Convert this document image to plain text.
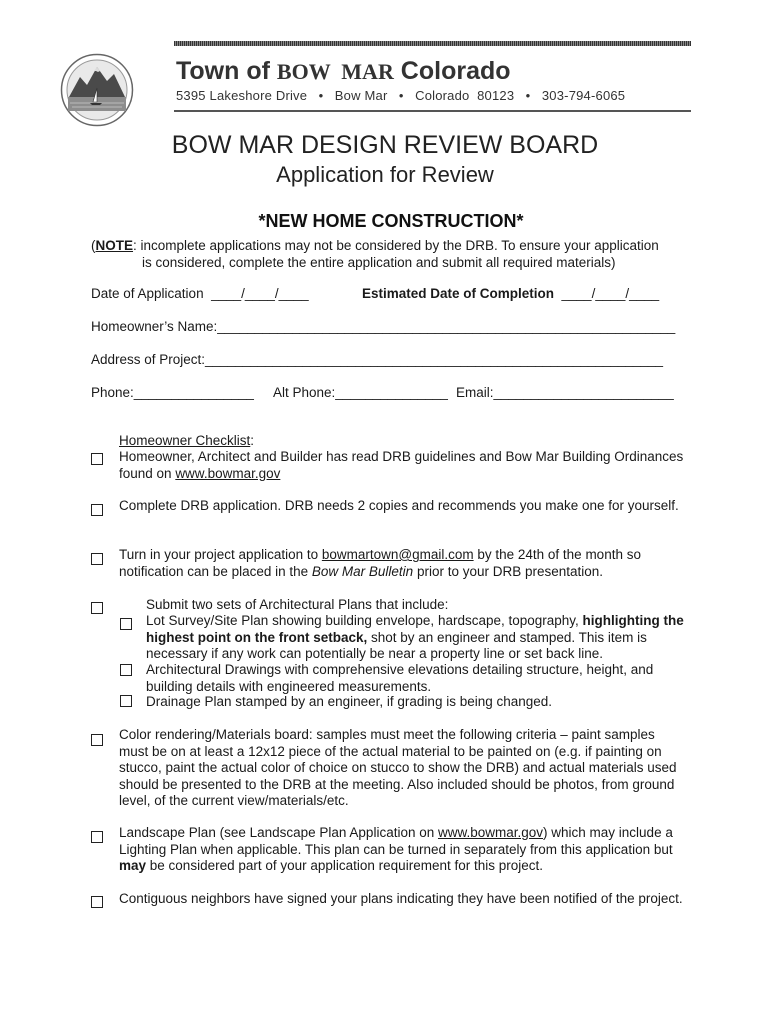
Town of BOW  MAR Colorado
5395 Lakeshore Drive   •   Bow Mar   •   Colorado  80123   •   303-794-6065
BOW MAR DESIGN REVIEW BOARD
Application for Review
*NEW HOME CONSTRUCTION*
(NOTE: incomplete applications may not be considered by the DRB. To ensure your application
is considered, complete the entire application and submit all required materials)
Date of Application  ____/____/____	Estimated Date of Completion  ____/____/____
Homeowner’s Name:_____________________________________________________________
Address of Project:_____________________________________________________________
Phone:________________ Alt Phone:_______________ Email:________________________
Homeowner Checklist:
Homeowner, Architect and Builder has read DRB guidelines and Bow Mar Building Ordinances found on www.bowmar.gov
Complete DRB application. DRB needs 2 copies and recommends you make one for yourself.
Turn in your project application to bowmartown@gmail.com by the 24th of the month so notification can be placed in the Bow Mar Bulletin prior to your DRB presentation.
Submit two sets of Architectural Plans that include:
Lot Survey/Site Plan showing building envelope, hardscape, topography, highlighting the highest point on the front setback, shot by an engineer and stamped. This item is necessary if any work can potentially be near a property line or set back line.
Architectural Drawings with comprehensive elevations detailing structure, height, and building details with engineered measurements.
Drainage Plan stamped by an engineer, if grading is being changed.
Color rendering/Materials board: samples must meet the following criteria – paint samples must be on at least a 12x12 piece of the actual material to be painted on (e.g. if painting on stucco, paint the actual color of choice on stucco to show the DRB) and actual materials used should be presented to the DRB at the meeting. Also included should be photos, from ground level, of the current view/materials/etc.
Landscape Plan (see Landscape Plan Application on www.bowmar.gov) which may include a Lighting Plan when applicable. This plan can be turned in separately from this application but may be considered part of your application requirement for this project.
Contiguous neighbors have signed your plans indicating they have been notified of the project.
